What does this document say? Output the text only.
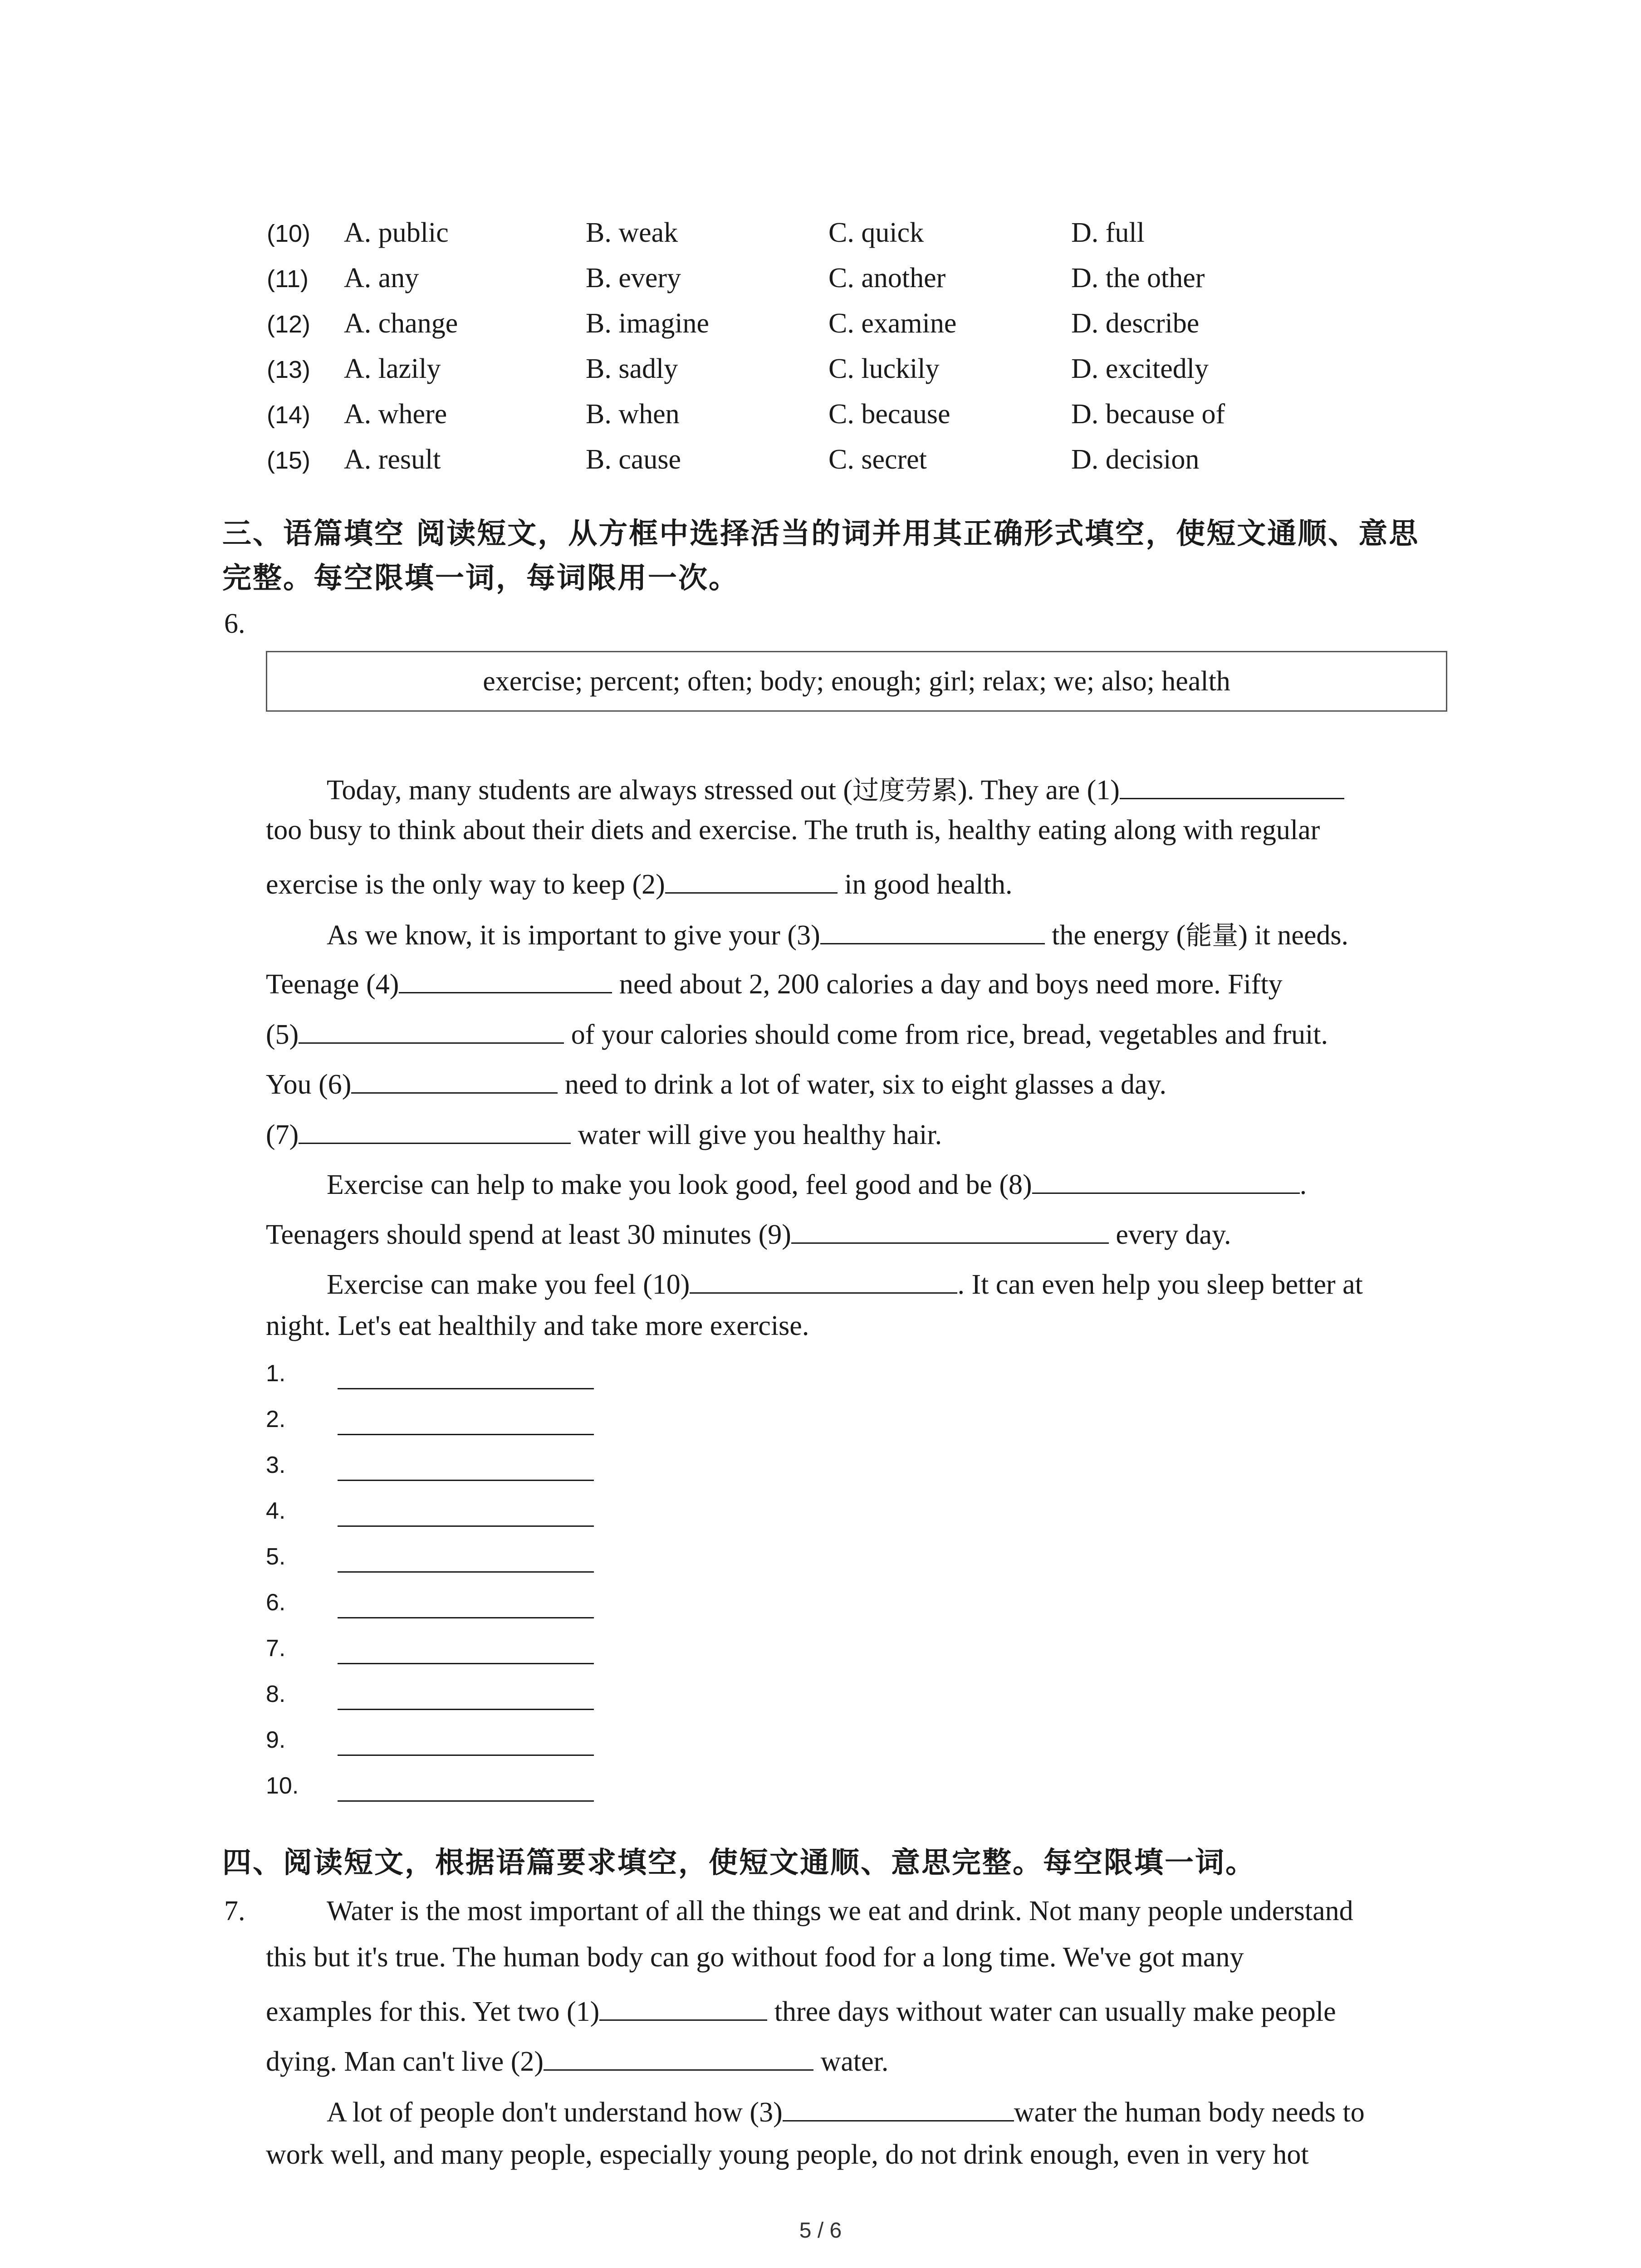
(10) A. public	B. weak	C. quick	D. full
(11) A. any	B. every	C. another	D. the other
(12) A. change	B. imagine	C. examine	D. describe
(13) A. lazily	B. sadly	C. luckily	D. excitedly
(14) A. where	B. when	C. because	D. because of
(15) A. result	B. cause	C. secret	D. decision
三、语篇填空 阅读短文，从方框中选择活当的词并用其正确形式填空，使短文通顺、意思
完整。每空限填一词，每词限用一次。
6.
exercise; percent; often; body; enough; girl; relax; we; also; health
Today, many students are always stressed out (过度劳累). They are (1)
too busy to think about their diets and exercise. The truth is, healthy eating along with regular
exercise is the only way to keep (2)	in good health.
As we know, it is important to give your (3)	the energy (能量) it needs.
Teenage (4)	need about 2, 200 calories a day and boys need more. Fifty
(5)	of your calories should come from rice, bread, vegetables and fruit.
You (6)	need to drink a lot of water, six to eight glasses a day.
(7)	water will give you healthy hair.
Exercise can help to make you look good, feel good and be (8)	.
Teenagers should spend at least 30 minutes (9)	every day.
Exercise can make you feel (10)	. It can even help you sleep better at
night. Let's eat healthily and take more exercise.
1.
2.
3.
4.
5.
6.
7.
8.
9.
10.
四、阅读短文，根据语篇要求填空，使短文通顺、意思完整。每空限填一词。
7.	Water is the most important of all the things we eat and drink. Not many people understand
this but it's true. The human body can go without food for a long time. We've got many
examples for this. Yet two (1)	three days without water can usually make people
dying. Man can't live (2)	water.
A lot of people don't understand how (3)	water the human body needs to
work well, and many people, especially young people, do not drink enough, even in very hot
5 / 6
